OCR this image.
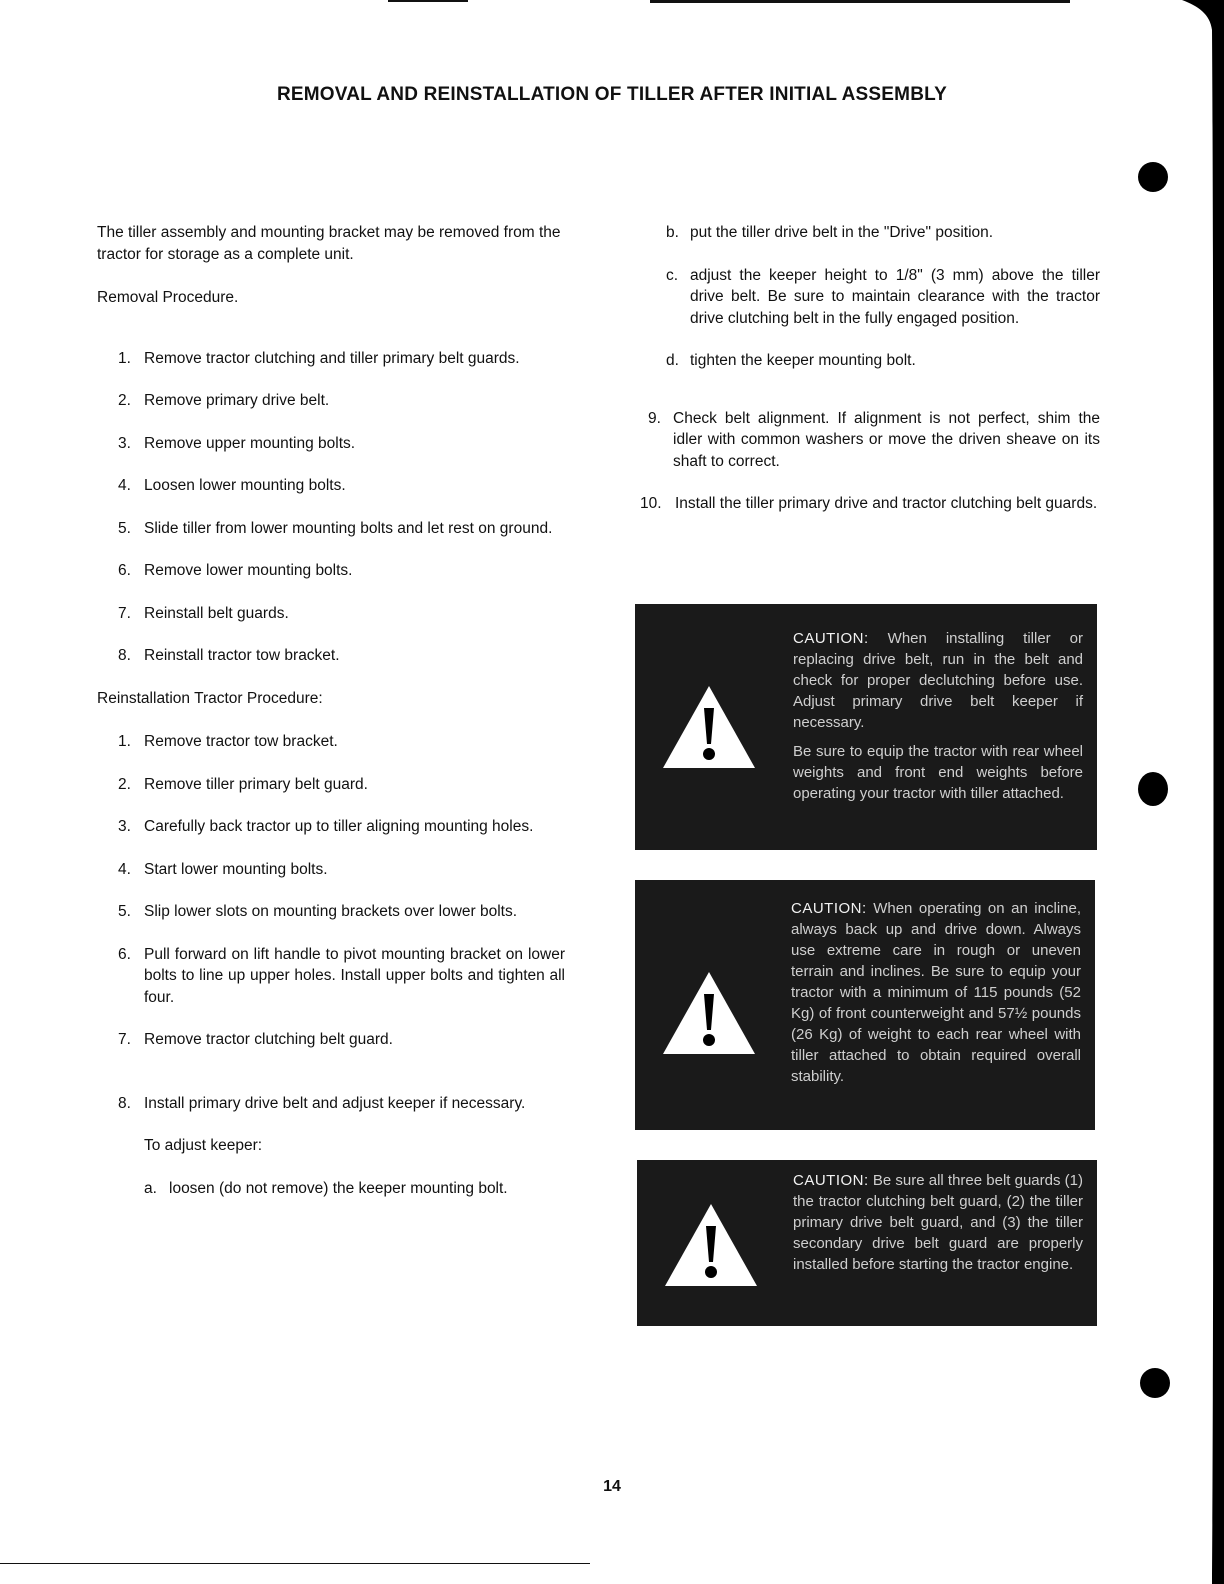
REMOVAL AND REINSTALLATION OF TILLER AFTER INITIAL ASSEMBLY

The tiller assembly and mounting bracket may be removed from the tractor for storage as a complete unit.

Removal Procedure.

1. Remove tractor clutching and tiller primary belt guards.
2. Remove primary drive belt.
3. Remove upper mounting bolts.
4. Loosen lower mounting bolts.
5. Slide tiller from lower mounting bolts and let rest on ground.
6. Remove lower mounting bolts.
7. Reinstall belt guards.
8. Reinstall tractor tow bracket.

Reinstallation Tractor Procedure:

1. Remove tractor tow bracket.
2. Remove tiller primary belt guard.
3. Carefully back tractor up to tiller aligning mounting holes.
4. Start lower mounting bolts.
5. Slip lower slots on mounting brackets over lower bolts.
6. Pull forward on lift handle to pivot mounting bracket on lower bolts to line up upper holes. Install upper bolts and tighten all four.
7. Remove tractor clutching belt guard.
8. Install primary drive belt and adjust keeper if necessary.

To adjust keeper:

a. loosen (do not remove) the keeper mounting bolt.
b. put the tiller drive belt in the "Drive" position.
c. adjust the keeper height to 1/8" (3 mm) above the tiller drive belt. Be sure to maintain clearance with the tractor drive clutching belt in the fully engaged position.
d. tighten the keeper mounting bolt.
9. Check belt alignment. If alignment is not perfect, shim the idler with common washers or move the driven sheave on its shaft to correct.
10. Install the tiller primary drive and tractor clutching belt guards.

CAUTION: When installing tiller or replacing drive belt, run in the belt and check for proper declutching before use. Adjust primary drive belt keeper if necessary.

Be sure to equip the tractor with rear wheel weights and front end weights before operating your tractor with tiller attached.

CAUTION: When operating on an incline, always back up and drive down. Always use extreme care in rough or uneven terrain and inclines. Be sure to equip your tractor with a minimum of 115 pounds (52 Kg) of front counterweight and 57½ pounds (26 Kg) of weight to each rear wheel with tiller attached to obtain required overall stability.

CAUTION: Be sure all three belt guards (1) the tractor clutching belt guard, (2) the tiller primary drive belt guard, and (3) the tiller secondary drive belt guard are properly installed before starting the tractor engine.

14
